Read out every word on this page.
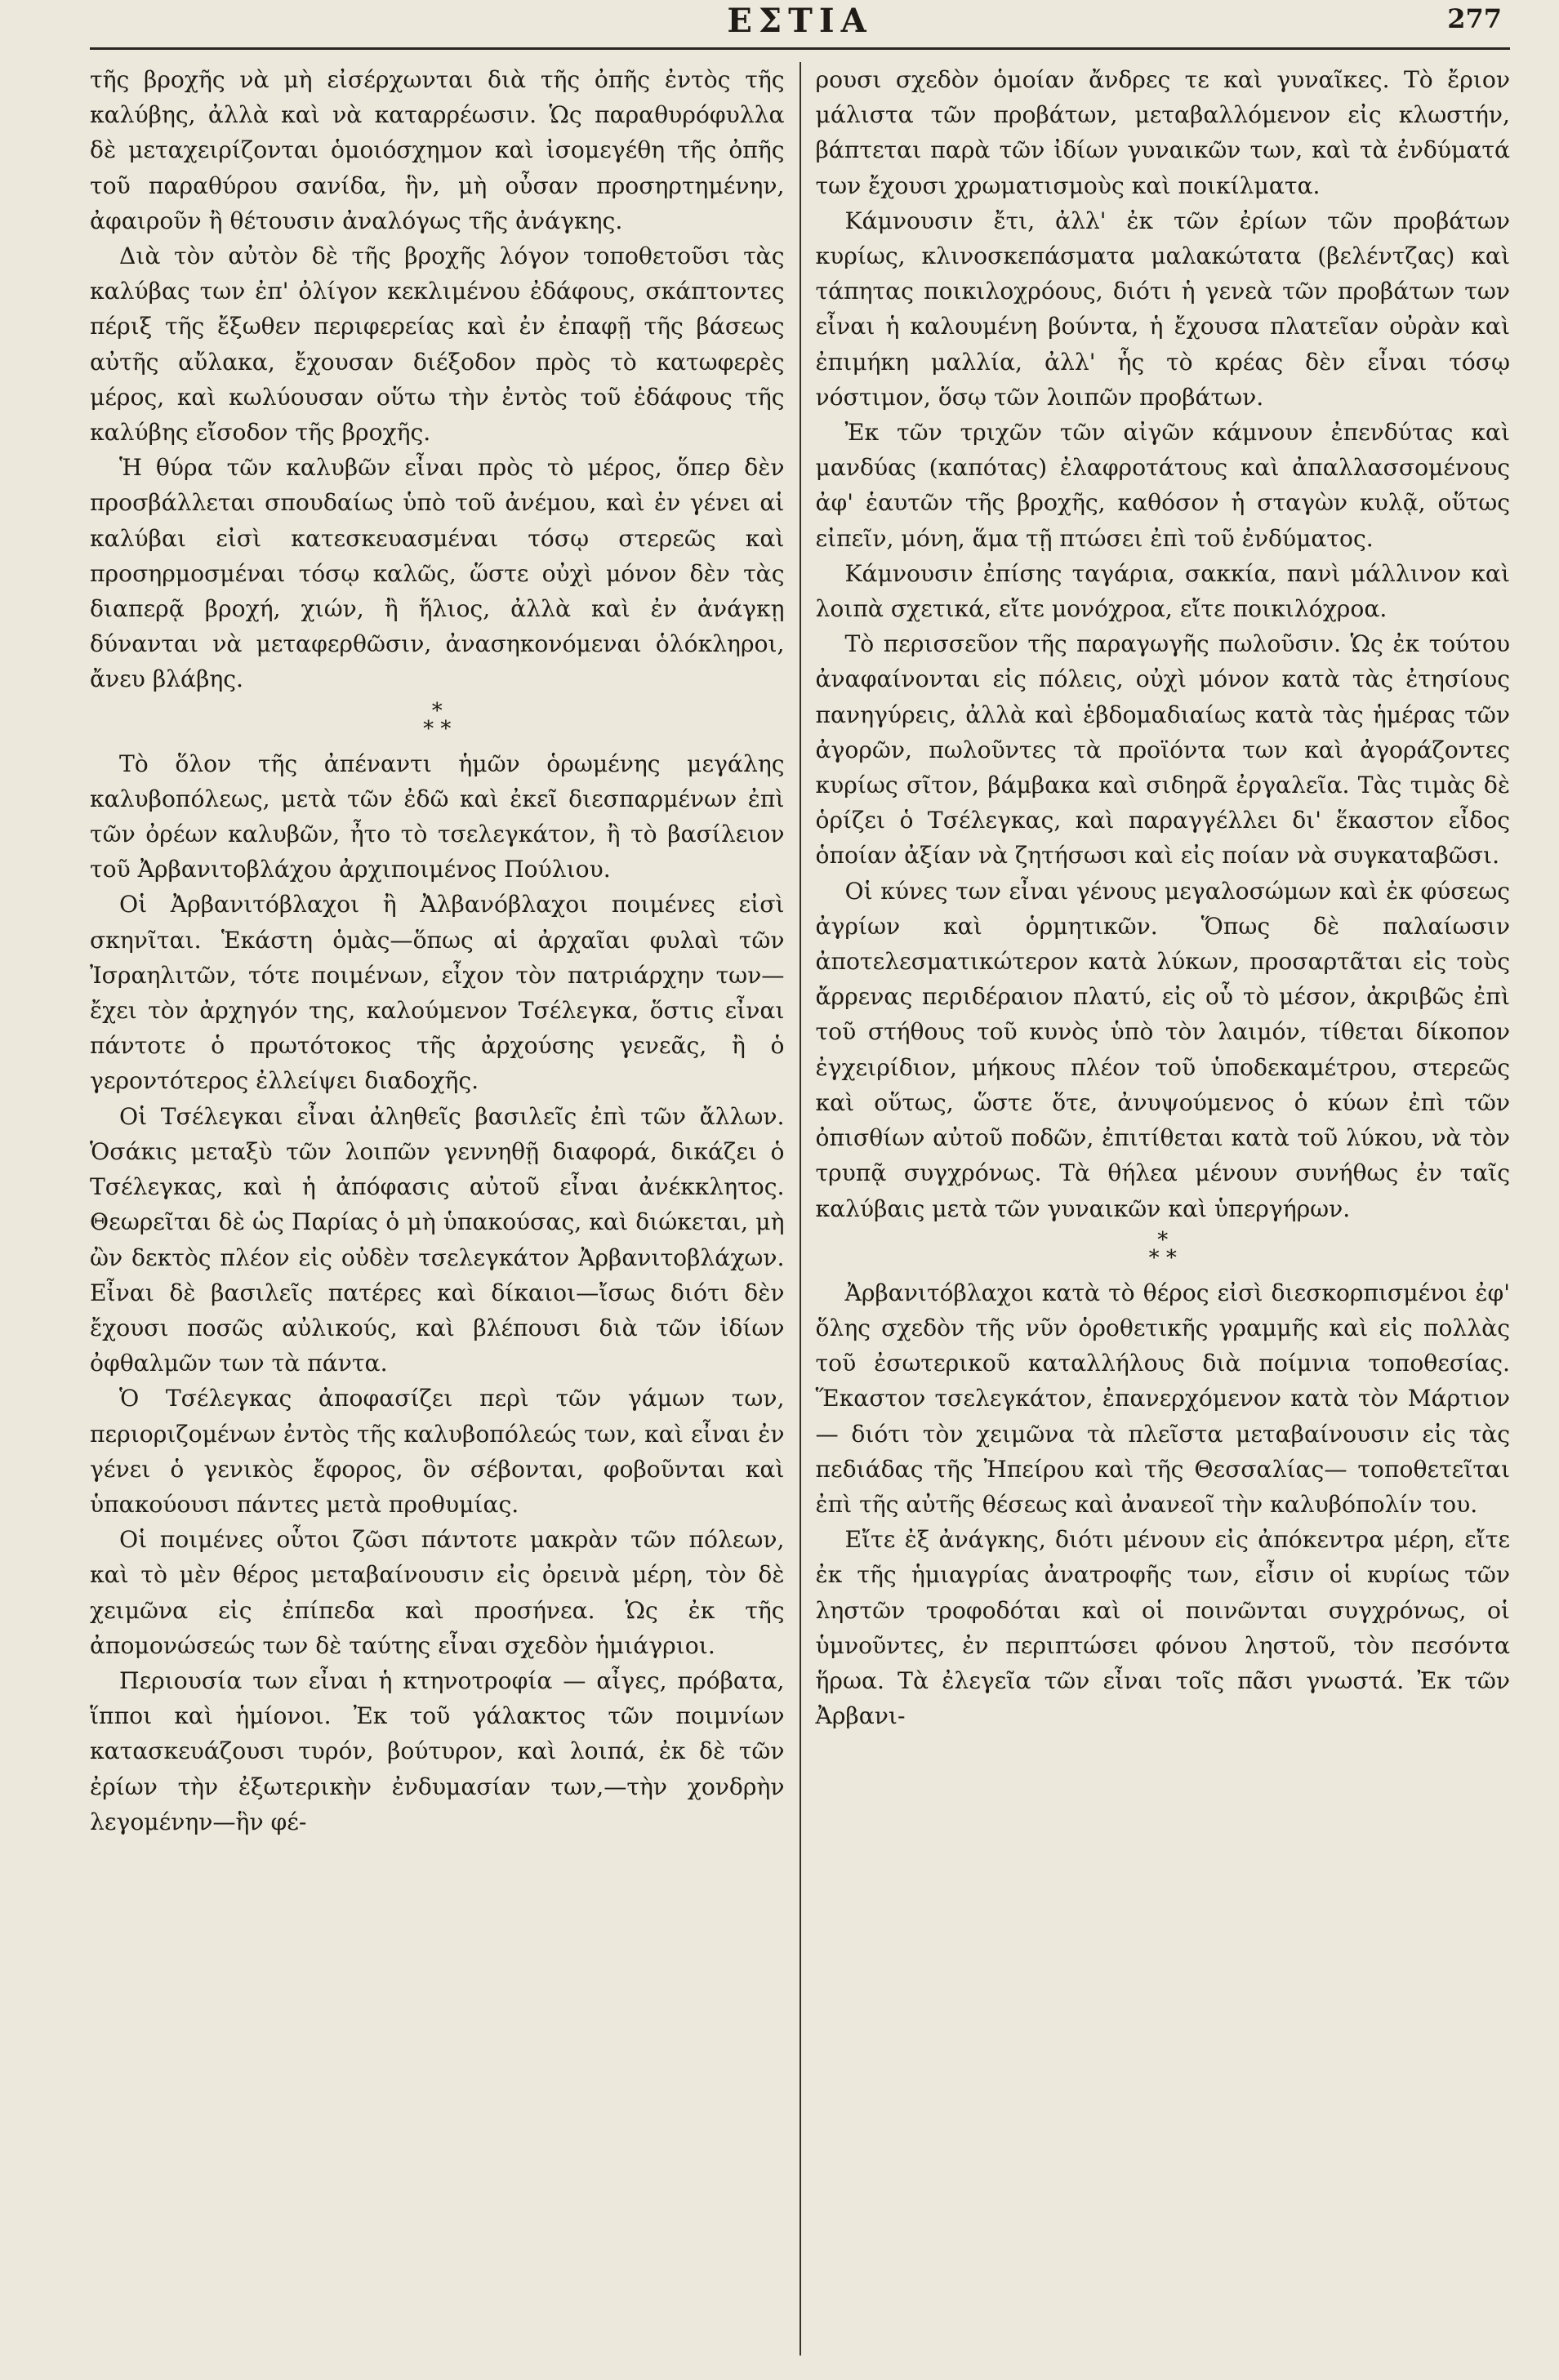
ΕΣΤΙΑ	277

τῆς βροχῆς νὰ μὴ εἰσέρχωνται διὰ τῆς ὀπῆς ἐντὸς τῆς καλύβης, ἀλλὰ καὶ νὰ καταρρέωσιν. Ὡς παραθυρόφυλλα δὲ μεταχειρίζονται ὁμοιόσχημον καὶ ἰσομεγέθη τῆς ὀπῆς τοῦ παραθύρου σανίδα, ἣν, μὴ οὖσαν προσηρτημένην, ἀφαιροῦν ἢ θέτουσιν ἀναλόγως τῆς ἀνάγκης.

Διὰ τὸν αὐτὸν δὲ τῆς βροχῆς λόγον τοποθετοῦσι τὰς καλύβας των ἐπ' ὀλίγον κεκλιμένου ἐδάφους, σκάπτοντες πέριξ τῆς ἔξωθεν περιφερείας καὶ ἐν ἐπαφῇ τῆς βάσεως αὐτῆς αὔλακα, ἔχουσαν διέξοδον πρὸς τὸ κατωφερὲς μέρος, καὶ κωλύουσαν οὕτω τὴν ἐντὸς τοῦ ἐδάφους τῆς καλύβης εἴσοδον τῆς βροχῆς.

Ἡ θύρα τῶν καλυβῶν εἶναι πρὸς τὸ μέρος, ὅπερ δὲν προσβάλλεται σπουδαίως ὑπὸ τοῦ ἀνέμου, καὶ ἐν γένει αἱ καλύβαι εἰσὶ κατεσκευασμέναι τόσῳ στερεῶς καὶ προσηρμοσμέναι τόσῳ καλῶς, ὥστε οὐχὶ μόνον δὲν τὰς διαπερᾷ βροχή, χιών, ἢ ἥλιος, ἀλλὰ καὶ ἐν ἀνάγκῃ δύνανται νὰ μεταφερθῶσιν, ἀνασηκονόμεναι ὁλόκληροι, ἄνευ βλάβης.

*
* *

Τὸ ὅλον τῆς ἀπέναντι ἡμῶν ὁρωμένης μεγάλης καλυβοπόλεως, μετὰ τῶν ἐδῶ καὶ ἐκεῖ διεσπαρμένων ἐπὶ τῶν ὀρέων καλυβῶν, ἦτο τὸ τσελεγκάτον, ἢ τὸ βασίλειον τοῦ Ἀρβανιτοβλάχου ἀρχιποιμένος Πούλιου.

Οἱ Ἀρβανιτόβλαχοι ἢ Ἀλβανόβλαχοι ποιμένες εἰσὶ σκηνῖται. Ἑκάστη ὁμὰς—ὅπως αἱ ἀρχαῖαι φυλαὶ τῶν Ἰσραηλιτῶν, τότε ποιμένων, εἶχον τὸν πατριάρχην των—ἔχει τὸν ἀρχηγόν της, καλούμενον Τσέλεγκα, ὅστις εἶναι πάντοτε ὁ πρωτότοκος τῆς ἀρχούσης γενεᾶς, ἢ ὁ γεροντότερος ἐλλείψει διαδοχῆς.

Οἱ Τσέλεγκαι εἶναι ἀληθεῖς βασιλεῖς ἐπὶ τῶν ἄλλων. Ὁσάκις μεταξὺ τῶν λοιπῶν γεννηθῇ διαφορά, δικάζει ὁ Τσέλεγκας, καὶ ἡ ἀπόφασις αὐτοῦ εἶναι ἀνέκκλητος. Θεωρεῖται δὲ ὡς Παρίας ὁ μὴ ὑπακούσας, καὶ διώκεται, μὴ ὢν δεκτὸς πλέον εἰς οὐδὲν τσελεγκάτον Ἀρβανιτοβλάχων. Εἶναι δὲ βασιλεῖς πατέρες καὶ δίκαιοι—ἴσως διότι δὲν ἔχουσι ποσῶς αὐλικούς, καὶ βλέπουσι διὰ τῶν ἰδίων ὀφθαλμῶν των τὰ πάντα.

Ὁ Τσέλεγκας ἀποφασίζει περὶ τῶν γάμων των, περιοριζομένων ἐντὸς τῆς καλυβοπόλεώς των, καὶ εἶναι ἐν γένει ὁ γενικὸς ἔφορος, ὃν σέβονται, φοβοῦνται καὶ ὑπακούουσι πάντες μετὰ προθυμίας.

Οἱ ποιμένες οὗτοι ζῶσι πάντοτε μακρὰν τῶν πόλεων, καὶ τὸ μὲν θέρος μεταβαίνουσιν εἰς ὀρεινὰ μέρη, τὸν δὲ χειμῶνα εἰς ἐπίπεδα καὶ προσήνεα. Ὡς ἐκ τῆς ἀπομονώσεώς των δὲ ταύτης εἶναι σχεδὸν ἡμιάγριοι.

Περιουσία των εἶναι ἡ κτηνοτροφία — αἶγες, πρόβατα, ἵπποι καὶ ἡμίονοι. Ἐκ τοῦ γάλακτος τῶν ποιμνίων κατασκευάζουσι τυρόν, βούτυρον, καὶ λοιπά, ἐκ δὲ τῶν ἐρίων τὴν ἐξωτερικὴν ἐνδυμασίαν των,—τὴν χονδρὴν λεγομένην—ἣν φέ-

ρουσι σχεδὸν ὁμοίαν ἄνδρες τε καὶ γυναῖκες. Τὸ ἔριον μάλιστα τῶν προβάτων, μεταβαλλόμενον εἰς κλωστήν, βάπτεται παρὰ τῶν ἰδίων γυναικῶν των, καὶ τὰ ἐνδύματά των ἔχουσι χρωματισμοὺς καὶ ποικίλματα.

Κάμνουσιν ἔτι, ἀλλ' ἐκ τῶν ἐρίων τῶν προβάτων κυρίως, κλινοσκεπάσματα μαλακώτατα (βελέντζας) καὶ τάπητας ποικιλοχρόους, διότι ἡ γενεὰ τῶν προβάτων των εἶναι ἡ καλουμένη βούντα, ἡ ἔχουσα πλατεῖαν οὐρὰν καὶ ἐπιμήκη μαλλία, ἀλλ' ἧς τὸ κρέας δὲν εἶναι τόσῳ νόστιμον, ὅσῳ τῶν λοιπῶν προβάτων.

Ἐκ τῶν τριχῶν τῶν αἰγῶν κάμνουν ἐπενδύτας καὶ μανδύας (καπότας) ἐλαφροτάτους καὶ ἀπαλλασσομένους ἀφ' ἑαυτῶν τῆς βροχῆς, καθόσον ἡ σταγὼν κυλᾷ, οὕτως εἰπεῖν, μόνη, ἅμα τῇ πτώσει ἐπὶ τοῦ ἐνδύματος.

Κάμνουσιν ἐπίσης ταγάρια, σακκία, πανὶ μάλλινον καὶ λοιπὰ σχετικά, εἴτε μονόχροα, εἴτε ποικιλόχροα.

Τὸ περισσεῦον τῆς παραγωγῆς πωλοῦσιν. Ὡς ἐκ τούτου ἀναφαίνονται εἰς πόλεις, οὐχὶ μόνον κατὰ τὰς ἐτησίους πανηγύρεις, ἀλλὰ καὶ ἑβδομαδιαίως κατὰ τὰς ἡμέρας τῶν ἀγορῶν, πωλοῦντες τὰ προϊόντα των καὶ ἀγοράζοντες κυρίως σῖτον, βάμβακα καὶ σιδηρᾶ ἐργαλεῖα. Τὰς τιμὰς δὲ ὁρίζει ὁ Τσέλεγκας, καὶ παραγγέλλει δι' ἕκαστον εἶδος ὁποίαν ἀξίαν νὰ ζητήσωσι καὶ εἰς ποίαν νὰ συγκαταβῶσι.

Οἱ κύνες των εἶναι γένους μεγαλοσώμων καὶ ἐκ φύσεως ἀγρίων καὶ ὁρμητικῶν. Ὅπως δὲ παλαίωσιν ἀποτελεσματικώτερον κατὰ λύκων, προσαρτᾶται εἰς τοὺς ἄρρενας περιδέραιον πλατύ, εἰς οὗ τὸ μέσον, ἀκριβῶς ἐπὶ τοῦ στήθους τοῦ κυνὸς ὑπὸ τὸν λαιμόν, τίθεται δίκοπον ἐγχειρίδιον, μήκους πλέον τοῦ ὑποδεκαμέτρου, στερεῶς καὶ οὕτως, ὥστε ὅτε, ἀνυψούμενος ὁ κύων ἐπὶ τῶν ὀπισθίων αὐτοῦ ποδῶν, ἐπιτίθεται κατὰ τοῦ λύκου, νὰ τὸν τρυπᾷ συγχρόνως. Τὰ θήλεα μένουν συνήθως ἐν ταῖς καλύβαις μετὰ τῶν γυναικῶν καὶ ὑπεργήρων.

*
* *

Ἀρβανιτόβλαχοι κατὰ τὸ θέρος εἰσὶ διεσκορπισμένοι ἐφ' ὅλης σχεδὸν τῆς νῦν ὁροθετικῆς γραμμῆς καὶ εἰς πολλὰς τοῦ ἐσωτερικοῦ καταλλήλους διὰ ποίμνια τοποθεσίας. Ἕκαστον τσελεγκάτον, ἐπανερχόμενον κατὰ τὸν Μάρτιον— διότι τὸν χειμῶνα τὰ πλεῖστα μεταβαίνουσιν εἰς τὰς πεδιάδας τῆς Ἠπείρου καὶ τῆς Θεσσαλίας— τοποθετεῖται ἐπὶ τῆς αὐτῆς θέσεως καὶ ἀνανεοῖ τὴν καλυβόπολίν του.

Εἴτε ἐξ ἀνάγκης, διότι μένουν εἰς ἀπόκεντρα μέρη, εἴτε ἐκ τῆς ἡμιαγρίας ἀνατροφῆς των, εἶσιν οἱ κυρίως τῶν ληστῶν τροφοδόται καὶ οἱ ποινῶνται συγχρόνως, οἱ ὑμνοῦντες, ἐν περιπτώσει φόνου ληστοῦ, τὸν πεσόντα ἥρωα. Τὰ ἐλεγεῖα τῶν εἶναι τοῖς πᾶσι γνωστά. Ἐκ τῶν Ἀρβανι-
